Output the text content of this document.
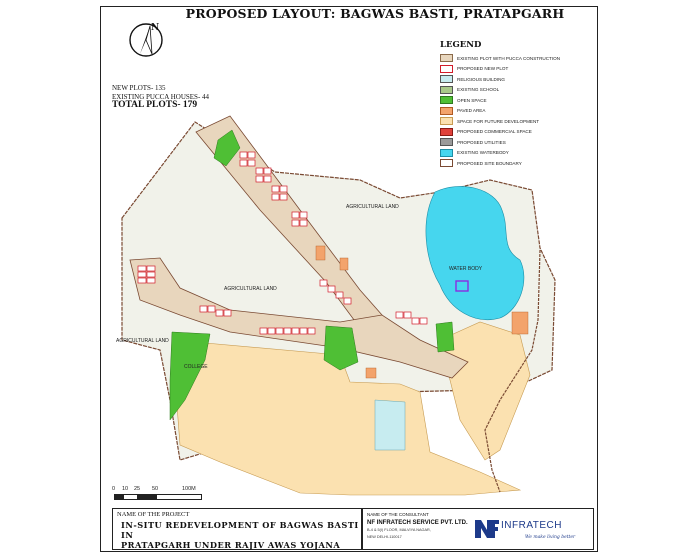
PROPOSED LAYOUT: BAGWAS BASTI, PRATAPGARH
N
NEW PLOTS- 135
EXISTING PUCCA HOUSES- 44
TOTAL PLOTS- 179
LEGEND
EXISTING PLOT WITH PUCCA CONSTRUCTION
PROPOSED NEW PLOT
RELIGIOUS BUILDING
EXISTING SCHOOL
OPEN SPACE
PAVED AREA
SPACE FOR FUTURE DEVELOPMENT
PROPOSED COMMERCIAL SPACE
PROPOSED UTILITIES
EXISTING WATERBODY
PROPOSED SITE BOUNDARY
WATER BODY
COLLEGE
AGRICULTURAL LAND
AGRICULTURAL LAND
AGRICULTURAL LAND
0 10 25 50	100M
NAME OF THE PROJECT
IN-SITU REDEVELOPMENT OF BAGWAS BASTI IN
PRATAPGARH UNDER RAJIV AWAS YOJANA
NAME OF THE CONSULTANT
NF INFRATECH SERVICE PVT. LTD.
B-4 & 5(I) FLOOR, MALVIYA NAGAR,
NEW DELHI-110017
INFRATECH
We make living better
